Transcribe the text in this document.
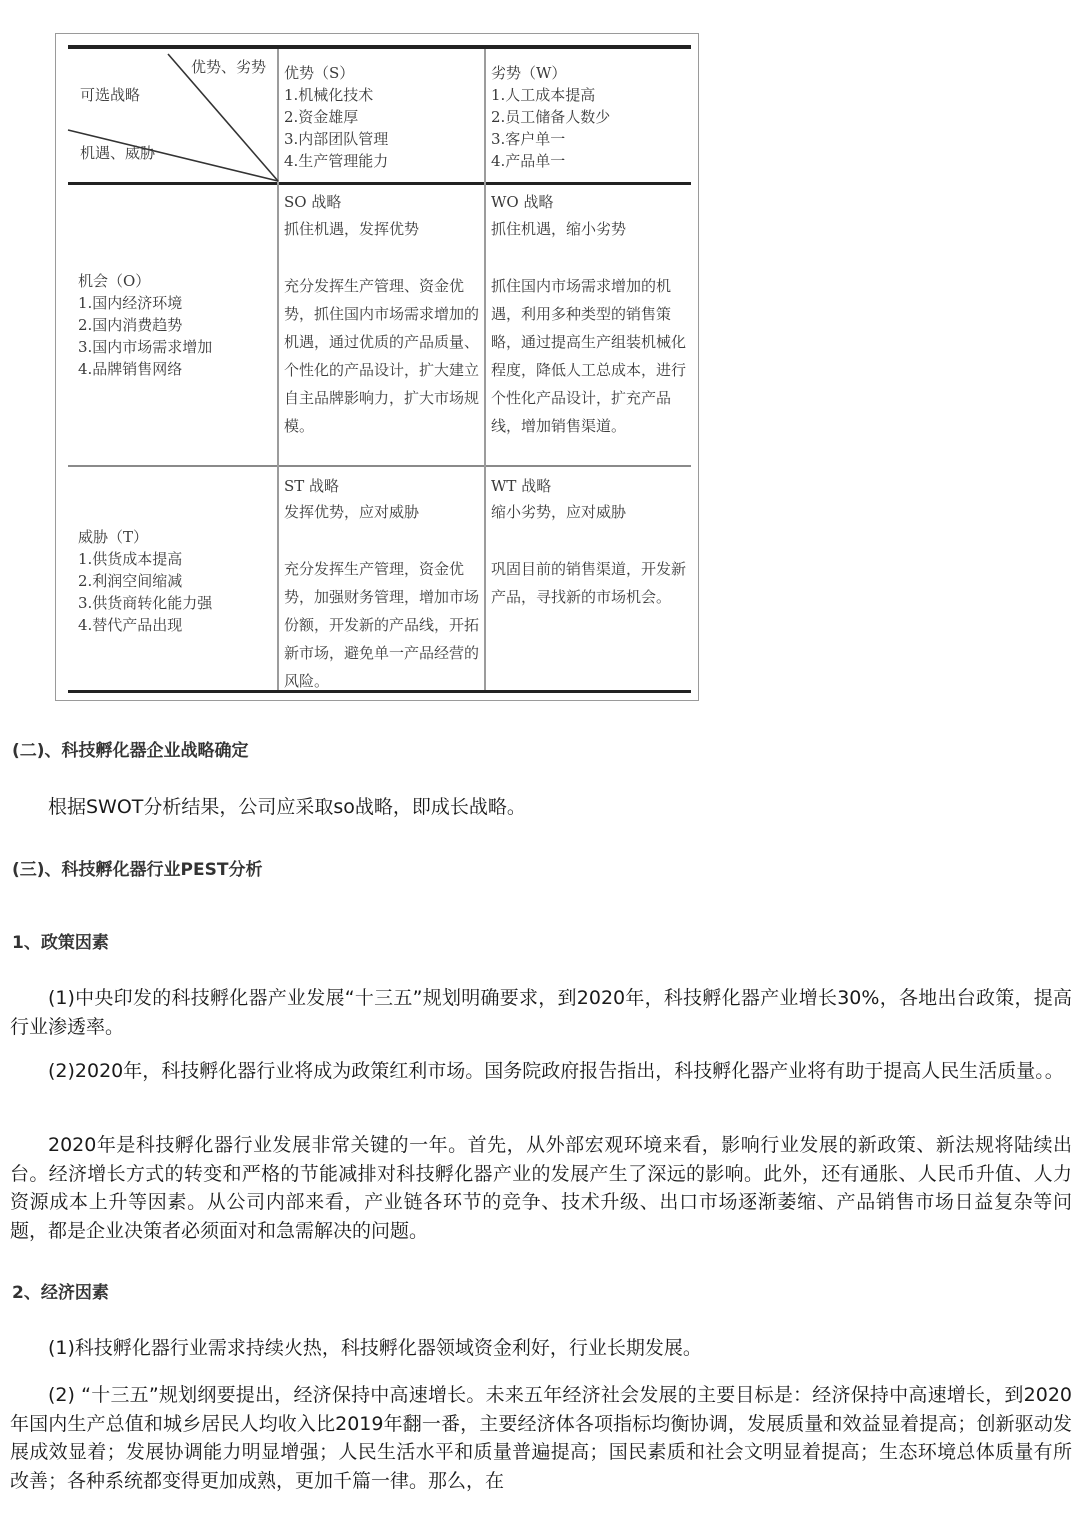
优势、劣势
可选战略
机遇、威胁
优势（S）
1.机械化技术
2.资金雄厚
3.内部团队管理
4.生产管理能力
劣势（W）
1.人工成本提高
2.员工储备人数少
3.客户单一
4.产品单一
机会（O）
1.国内经济环境
2.国内消费趋势
3.国内市场需求增加
4.品牌销售网络
SO 战略
抓住机遇，发挥优势
充分发挥生产管理、资金优势，抓住国内市场需求增加的机遇，通过优质的产品质量、个性化的产品设计，扩大建立自主品牌影响力，扩大市场规模。
WO 战略
抓住机遇，缩小劣势
抓住国内市场需求增加的机遇，利用多种类型的销售策略，通过提高生产组装机械化程度，降低人工总成本，进行个性化产品设计，扩充产品线，增加销售渠道。
威胁（T）
1.供货成本提高
2.利润空间缩减
3.供货商转化能力强
4.替代产品出现
ST 战略
发挥优势，应对威胁
充分发挥生产管理，资金优势，加强财务管理，增加市场份额，开发新的产品线，开拓新市场，避免单一产品经营的风险。
WT 战略
缩小劣势，应对威胁
巩固目前的销售渠道，开发新产品，寻找新的市场机会。
(二)、科技孵化器企业战略确定

根据SWOT分析结果，公司应采取so战略，即成长战略。

(三)、科技孵化器行业PEST分析
1、政策因素

(1)中央印发的科技孵化器产业发展“十三五”规划明确要求，到2020年，科技孵化器产业增长30%，各地出台政策，提高行业渗透率。

(2)2020年，科技孵化器行业将成为政策红利市场。国务院政府报告指出，科技孵化器产业将有助于提高人民生活质量。。

2020年是科技孵化器行业发展非常关键的一年。首先，从外部宏观环境来看，影响行业发展的新政策、新法规将陆续出台。经济增长方式的转变和严格的节能减排对科技孵化器产业的发展产生了深远的影响。此外，还有通胀、人民币升值、人力资源成本上升等因素。从公司内部来看，产业链各环节的竞争、技术升级、出口市场逐渐萎缩、产品销售市场日益复杂等问题，都是企业决策者必须面对和急需解决的问题。

2、经济因素

(1)科技孵化器行业需求持续火热，科技孵化器领域资金利好，行业长期发展。

(2) “十三五”规划纲要提出，经济保持中高速增长。未来五年经济社会发展的主要目标是：经济保持中高速增长，到2020年国内生产总值和城乡居民人均收入比2019年翻一番，主要经济体各项指标均衡协调，发展质量和效益显着提高；创新驱动发展成效显着；发展协调能力明显增强；人民生活水平和质量普遍提高；国民素质和社会文明显着提高；生态环境总体质量有所改善；各种系统都变得更加成熟，更加千篇一律。那么，在
